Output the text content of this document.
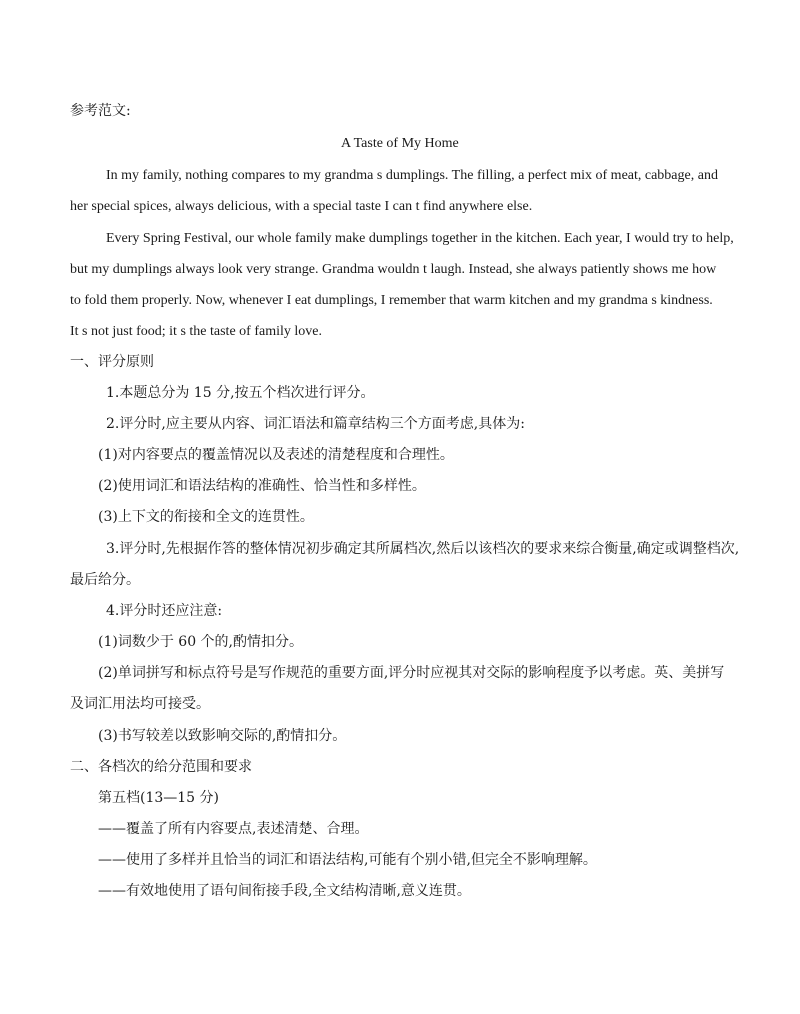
参考范文:
A Taste of My Home
In my family, nothing compares to my grandma s dumplings. The filling, a perfect mix of meat, cabbage, and
her special spices, always delicious, with a special taste I can t find anywhere else.
Every Spring Festival, our whole family make dumplings together in the kitchen. Each year, I would try to help,
but my dumplings always look very strange. Grandma wouldn t laugh. Instead, she always patiently shows me how
to fold them properly. Now, whenever I eat dumplings, I remember that warm kitchen and my grandma s kindness.
It s not just food; it s the taste of family love.
一、评分原则
1.本题总分为 15 分,按五个档次进行评分。
2.评分时,应主要从内容、词汇语法和篇章结构三个方面考虑,具体为:
(1)对内容要点的覆盖情况以及表述的清楚程度和合理性。
(2)使用词汇和语法结构的准确性、恰当性和多样性。
(3)上下文的衔接和全文的连贯性。
3.评分时,先根据作答的整体情况初步确定其所属档次,然后以该档次的要求来综合衡量,确定或调整档次,
最后给分。
4.评分时还应注意:
(1)词数少于 60 个的,酌情扣分。
(2)单词拼写和标点符号是写作规范的重要方面,评分时应视其对交际的影响程度予以考虑。英、美拼写
及词汇用法均可接受。
(3)书写较差以致影响交际的,酌情扣分。
二、各档次的给分范围和要求
第五档(13—15 分)
——覆盖了所有内容要点,表述清楚、合理。
——使用了多样并且恰当的词汇和语法结构,可能有个别小错,但完全不影响理解。
——有效地使用了语句间衔接手段,全文结构清晰,意义连贯。
